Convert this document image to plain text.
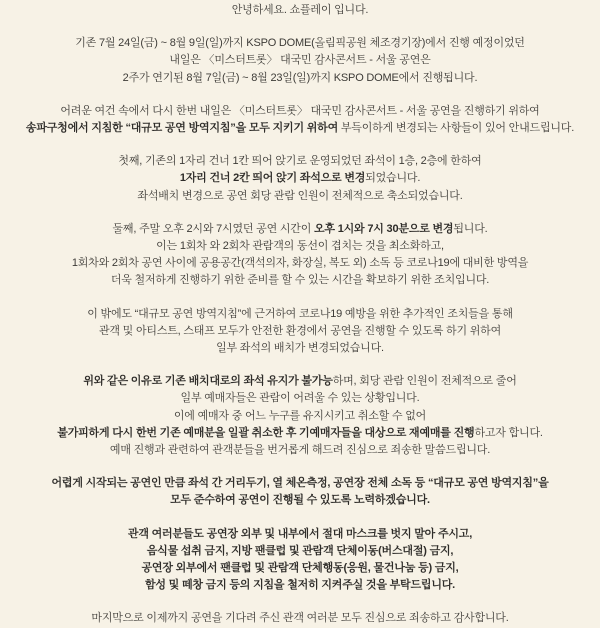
안녕하세요. 쇼플레이 입니다.

기존 7월 24일(금) ~ 8월 9일(일)까지 KSPO DOME(올림픽공원 체조경기장)에서 진행 예정이었던
내일은 〈미스터트롯〉 대국민 감사콘서트 - 서울 공연은
2주가 연기된 8월 7일(금) ~ 8월 23일(일)까지 KSPO DOME에서 진행됩니다.

어려운 여건 속에서 다시 한번 내일은 〈미스터트롯〉 대국민 감사콘서트 - 서울 공연을 진행하기 위하여
송파구청에서 지침한 “대규모 공연 방역지침”을 모두 지키기 위하여 부득이하게 변경되는 사항들이 있어 안내드립니다.

첫째, 기존의 1자리 건너 1칸 띄어 앉기로 운영되었던 좌석이 1층, 2층에 한하여
1자리 건너 2칸 띄어 앉기 좌석으로 변경되었습니다.
좌석배치 변경으로 공연 회당 관람 인원이 전체적으로 축소되었습니다.

둘째, 주말 오후 2시와 7시였던 공연 시간이 오후 1시와 7시 30분으로 변경됩니다.
이는 1회차 와 2회차 관람객의 동선이 겹치는 것을 최소화하고,
1회차와 2회차 공연 사이에 공용공간(객석의자, 화장실, 복도 외) 소독 등 코로나19에 대비한 방역을
더욱 철저하게 진행하기 위한 준비를 할 수 있는 시간을 확보하기 위한 조치입니다.

이 밖에도 “대규모 공연 방역지침”에 근거하여 코로나19 예방을 위한 추가적인 조치들을 통해
관객 및 아티스트, 스태프 모두가 안전한 환경에서 공연을 진행할 수 있도록 하기 위하여
일부 좌석의 배치가 변경되었습니다.

위와 같은 이유로 기존 배치대로의 좌석 유지가 불가능하며, 회당 관람 인원이 전체적으로 줄어
일부 예매자들은 관람이 어려울 수 있는 상황입니다.
이에 예매자 중 어느 누구를 유지시키고 취소할 수 없어
불가피하게 다시 한번 기존 예매분을 일괄 취소한 후 기예매자들을 대상으로 재예매를 진행하고자 합니다.
예매 진행과 관련하여 관객분들을 번거롭게 해드려 진심으로 죄송한 말씀드립니다.

어렵게 시작되는 공연인 만큼 좌석 간 거리두기, 열 체온측정, 공연장 전체 소독 등 “대규모 공연 방역지침”을
모두 준수하여 공연이 진행될 수 있도록 노력하겠습니다.

관객 여러분들도 공연장 외부 및 내부에서 절대 마스크를 벗지 말아 주시고,
음식물 섭취 금지, 지방 팬클럽 및 관람객 단체이동(버스대절) 금지,
공연장 외부에서 팬클럽 및 관람객 단체행동(응원, 물건나눔 등) 금지,
함성 및 떼창 금지 등의 지침을 철저히 지켜주실 것을 부탁드립니다.

마지막으로 이제까지 공연을 기다려 주신 관객 여러분 모두 진심으로 죄송하고 감사합니다.
